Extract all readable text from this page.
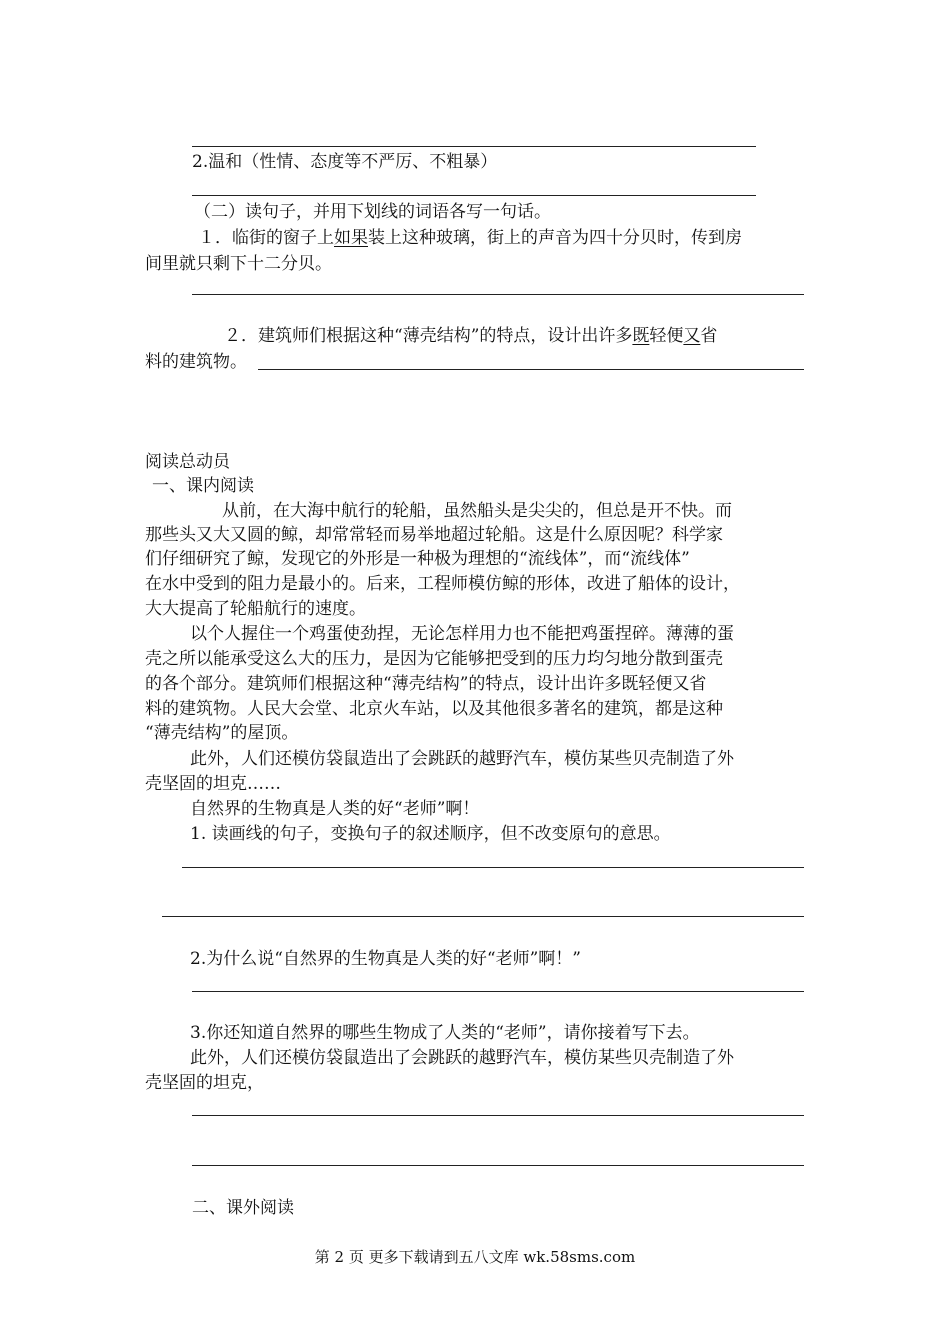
2.温和（性情、态度等不严厉、不粗暴）
（二）读句子，并用下划线的词语各写一句话。
１．临街的窗子上如果装上这种玻璃，街上的声音为四十分贝时，传到房
间里就只剩下十二分贝。
２．建筑师们根据这种“薄壳结构”的特点，设计出许多既轻便又省
料的建筑物。
阅读总动员
一、课内阅读
从前，在大海中航行的轮船，虽然船头是尖尖的，但总是开不快。而
那些头又大又圆的鲸，却常常轻而易举地超过轮船。这是什么原因呢？科学家
们仔细研究了鲸，发现它的外形是一种极为理想的“流线体”，而“流线体”
在水中受到的阻力是最小的。后来，工程师模仿鲸的形体，改进了船体的设计，
大大提高了轮船航行的速度。
以个人握住一个鸡蛋使劲捏，无论怎样用力也不能把鸡蛋捏碎。薄薄的蛋
壳之所以能承受这么大的压力，是因为它能够把受到的压力均匀地分散到蛋壳
的各个部分。建筑师们根据这种“薄壳结构”的特点，设计出许多既轻便又省
料的建筑物。人民大会堂、北京火车站，以及其他很多著名的建筑，都是这种
“薄壳结构”的屋顶。
此外，人们还模仿袋鼠造出了会跳跃的越野汽车，模仿某些贝壳制造了外
壳坚固的坦克……
自然界的生物真是人类的好“老师”啊！
1. 读画线的句子，变换句子的叙述顺序，但不改变原句的意思。
2.为什么说“自然界的生物真是人类的好“老师”啊！”
3.你还知道自然界的哪些生物成了人类的“老师”，请你接着写下去。
此外，人们还模仿袋鼠造出了会跳跃的越野汽车，模仿某些贝壳制造了外
壳坚固的坦克，
二、课外阅读
第 2 页 更多下载请到五八文库 wk.58sms.com
